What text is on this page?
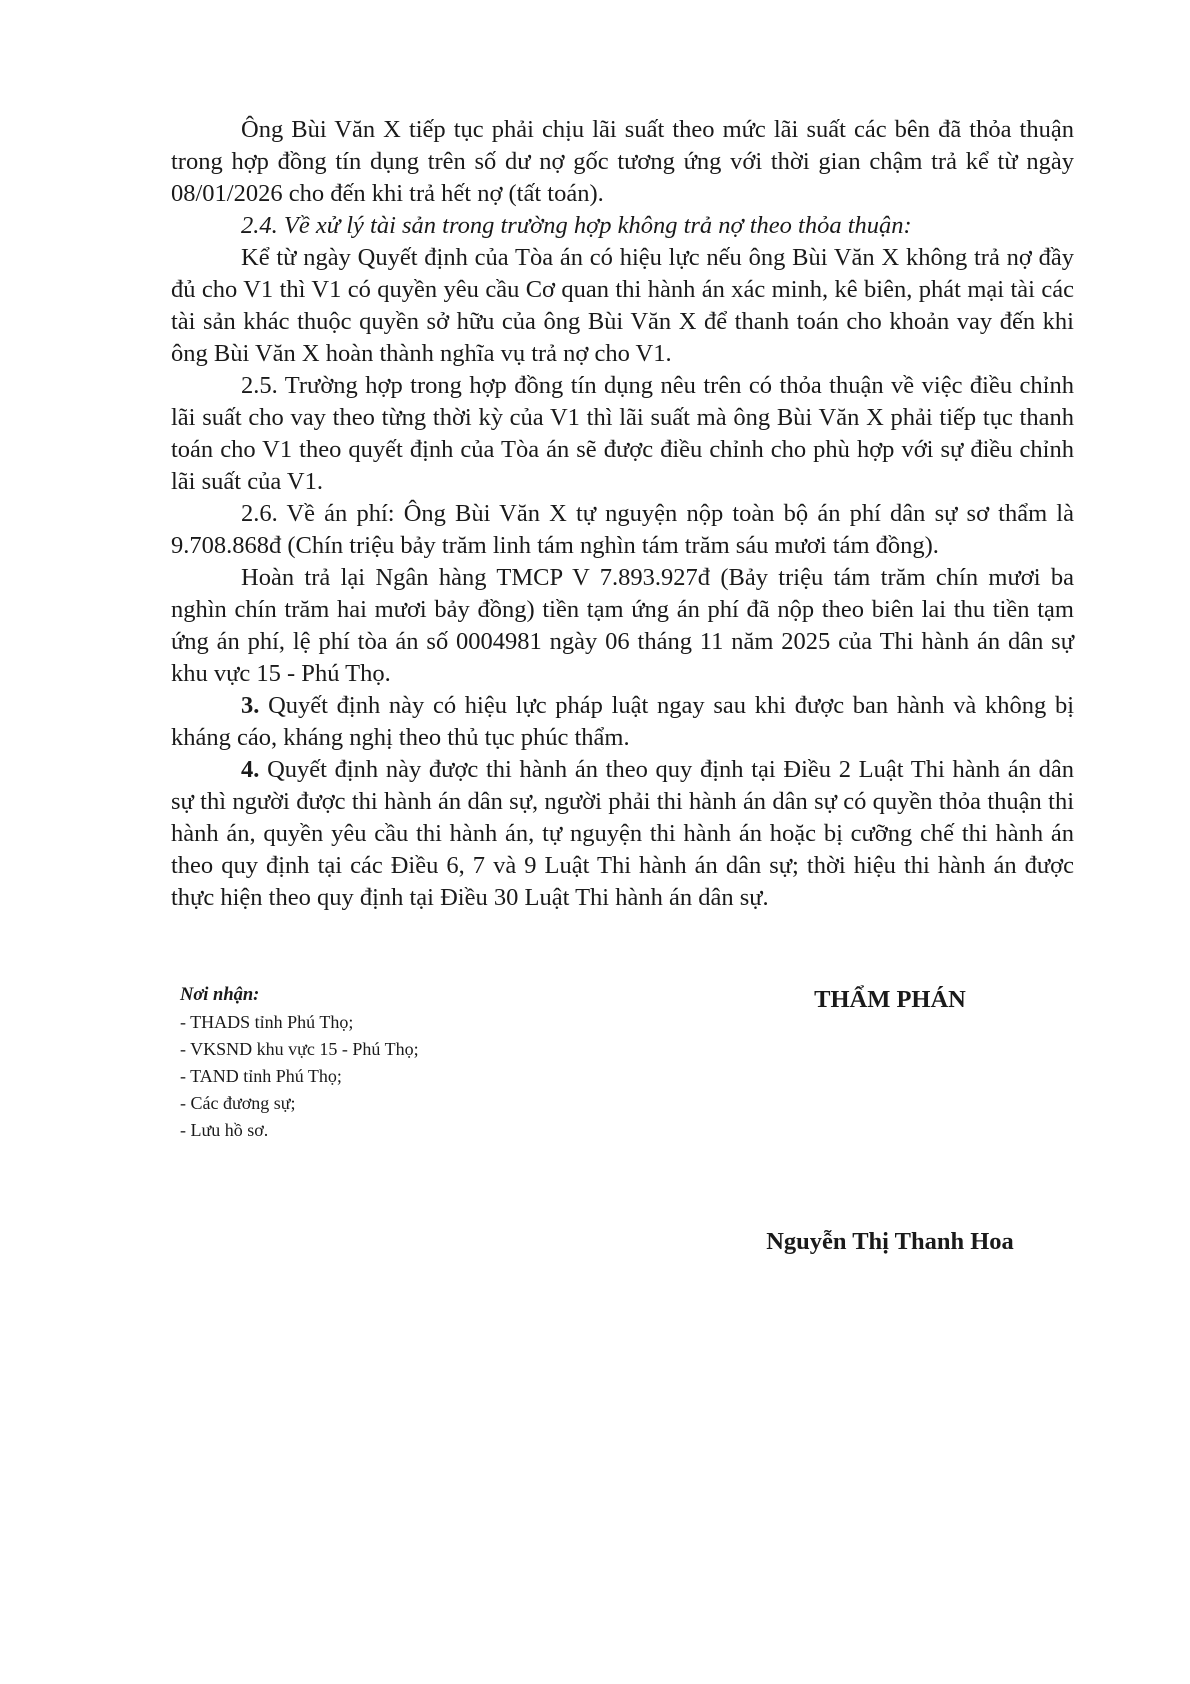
Ông Bùi Văn X tiếp tục phải chịu lãi suất theo mức lãi suất các bên đã thỏa thuận trong hợp đồng tín dụng trên số dư nợ gốc tương ứng với thời gian chậm trả kể từ ngày 08/01/2026 cho đến khi trả hết nợ (tất toán).

2.4. Về xử lý tài sản trong trường hợp không trả nợ theo thỏa thuận:

Kể từ ngày Quyết định của Tòa án có hiệu lực nếu ông Bùi Văn X không trả nợ đầy đủ cho V1 thì V1 có quyền yêu cầu Cơ quan thi hành án xác minh, kê biên, phát mại tài các tài sản khác thuộc quyền sở hữu của ông Bùi Văn X để thanh toán cho khoản vay đến khi ông Bùi Văn X hoàn thành nghĩa vụ trả nợ cho V1.

2.5. Trường hợp trong hợp đồng tín dụng nêu trên có thỏa thuận về việc điều chỉnh lãi suất cho vay theo từng thời kỳ của V1 thì lãi suất mà ông Bùi Văn X phải tiếp tục thanh toán cho V1 theo quyết định của Tòa án sẽ được điều chỉnh cho phù hợp với sự điều chỉnh lãi suất của V1.

2.6. Về án phí: Ông Bùi Văn X tự nguyện nộp toàn bộ án phí dân sự sơ thẩm là 9.708.868đ (Chín triệu bảy trăm linh tám nghìn tám trăm sáu mươi tám đồng).

Hoàn trả lại Ngân hàng TMCP V 7.893.927đ (Bảy triệu tám trăm chín mươi ba nghìn chín trăm hai mươi bảy đồng) tiền tạm ứng án phí đã nộp theo biên lai thu tiền tạm ứng án phí, lệ phí tòa án số 0004981 ngày 06 tháng 11 năm 2025 của Thi hành án dân sự khu vực 15 - Phú Thọ.

3. Quyết định này có hiệu lực pháp luật ngay sau khi được ban hành và không bị kháng cáo, kháng nghị theo thủ tục phúc thẩm.

4. Quyết định này được thi hành án theo quy định tại Điều 2 Luật Thi hành án dân sự thì người được thi hành án dân sự, người phải thi hành án dân sự có quyền thỏa thuận thi hành án, quyền yêu cầu thi hành án, tự nguyện thi hành án hoặc bị cưỡng chế thi hành án theo quy định tại các Điều 6, 7 và 9 Luật Thi hành án dân sự; thời hiệu thi hành án được thực hiện theo quy định tại Điều 30 Luật Thi hành án dân sự.

Nơi nhận:
- THADS tỉnh Phú Thọ;
- VKSND khu vực 15 - Phú Thọ;
- TAND tỉnh Phú Thọ;
- Các đương sự;
- Lưu hồ sơ.
THẨM PHÁN
Nguyễn Thị Thanh Hoa
